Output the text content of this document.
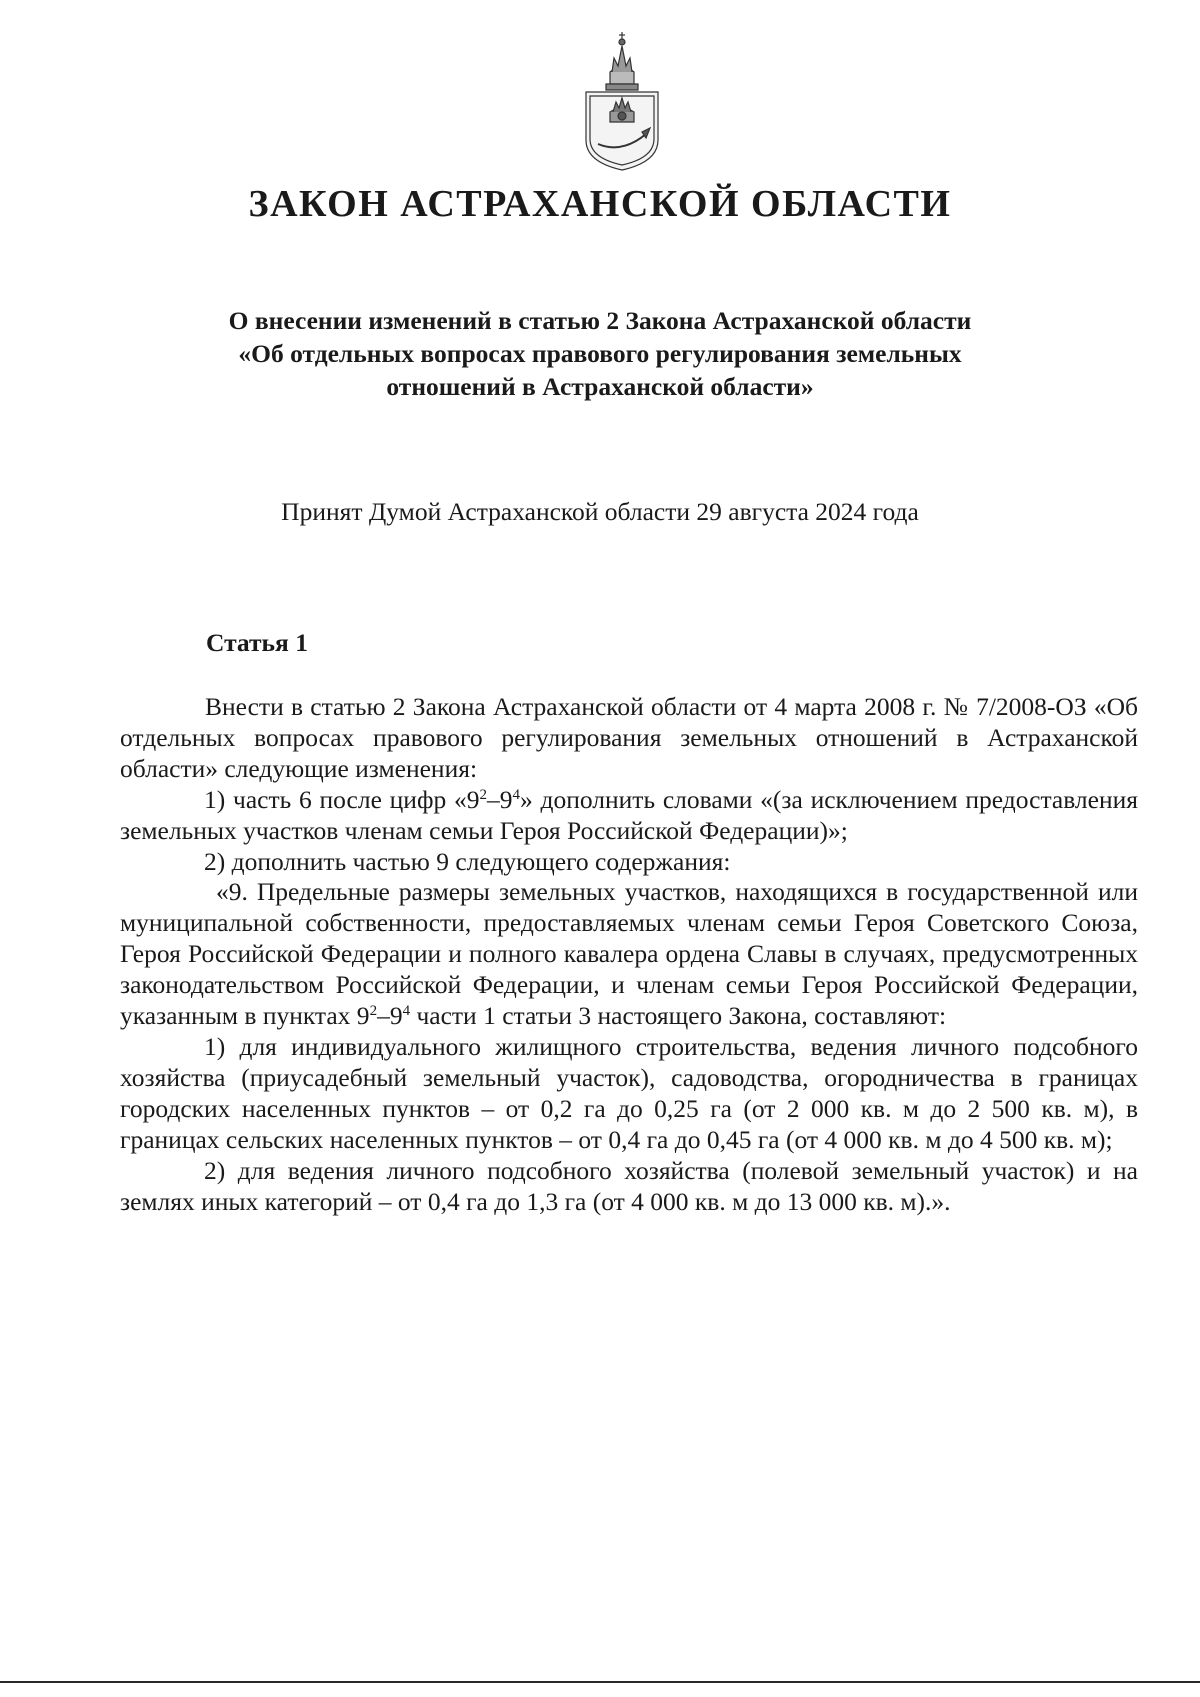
ЗАКОН АСТРАХАНСКОЙ ОБЛАСТИ
О внесении изменений в статью 2 Закона Астраханской области
«Об отдельных вопросах правового регулирования земельных
отношений в Астраханской области»

Принят Думой Астраханской области 29 августа 2024 года

Статья 1

Внести в статью 2 Закона Астраханской области от 4 марта 2008 г. № 7/2008-ОЗ «Об отдельных вопросах правового регулирования земельных отношений в Астраханской области» следующие изменения:

1) часть 6 после цифр «$9^2-9^4$» дополнить словами «(за исключением предоставления земельных участков членам семьи Героя Российской Федерации)»;

2) дополнить частью 9 следующего содержания:

«9. Предельные размеры земельных участков, находящихся в государственной или муниципальной собственности, предоставляемых членам семьи Героя Советского Союза, Героя Российской Федерации и полного кавалера ордена Славы в случаях, предусмотренных законодательством Российской Федерации, и членам семьи Героя Российской Федерации, указанным в пунктах $9^2-9^4$ части 1 статьи 3 настоящего Закона, составляют:

1) для индивидуального жилищного строительства, ведения личного подсобного хозяйства (приусадебный земельный участок), садоводства, огородничества в границах городских населенных пунктов – от 0,2 га до 0,25 га (от 2 000 кв. м до 2 500 кв. м), в границах сельских населенных пунктов – от 0,4 га до 0,45 га (от 4 000 кв. м до 4 500 кв. м);

2) для ведения личного подсобного хозяйства (полевой земельный участок) и на землях иных категорий – от 0,4 га до 1,3 га (от 4 000 кв. м до 13 000 кв. м).».
